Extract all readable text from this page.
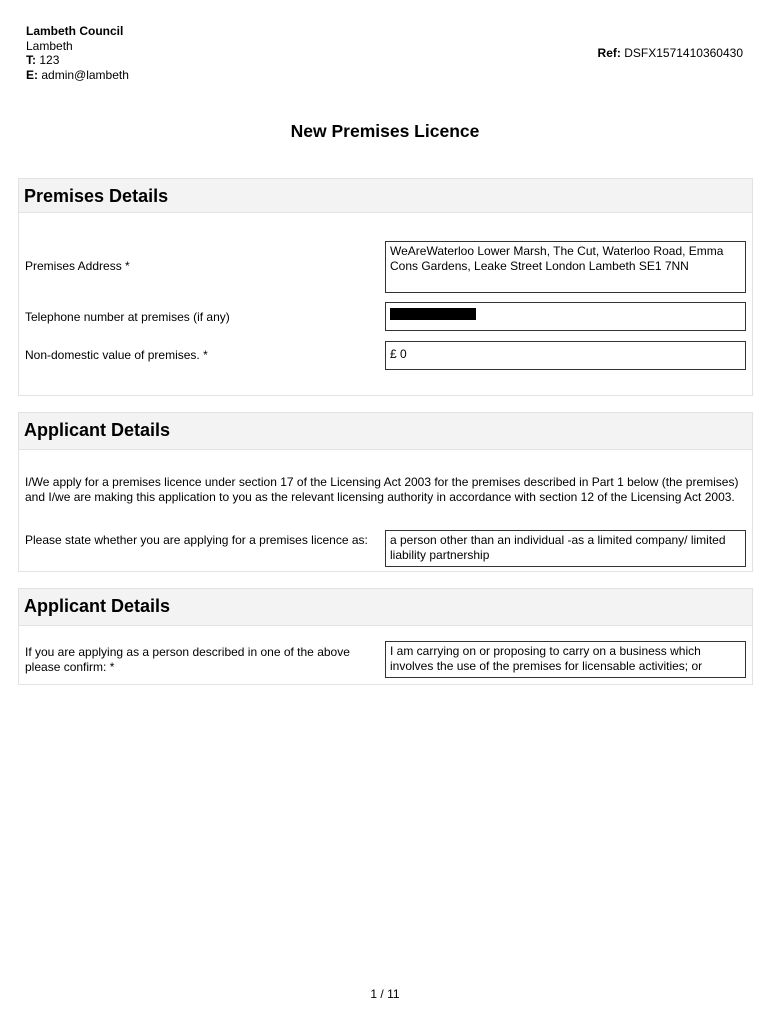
Lambeth Council
Lambeth
T: 123
E: admin@lambeth
Ref: DSFX1571410360430
New Premises Licence
Premises Details
Premises Address *
WeAreWaterloo Lower Marsh, The Cut, Waterloo Road, Emma Cons Gardens, Leake Street London Lambeth SE1 7NN
Telephone number at premises (if any)
Non-domestic value of premises. *	£ 0
Applicant Details
I/We apply for a premises licence under section 17 of the Licensing Act 2003 for the premises described in Part 1 below (the premises) and I/we are making this application to you as the relevant licensing authority in accordance with section 12 of the Licensing Act 2003.
Please state whether you are applying for a premises licence as:	a person other than an individual -as a limited company/ limited liability partnership
Applicant Details
If you are applying as a person described in one of the above please confirm: *
I am carrying on or proposing to carry on a business which involves the use of the premises for licensable activities; or
1 / 11
